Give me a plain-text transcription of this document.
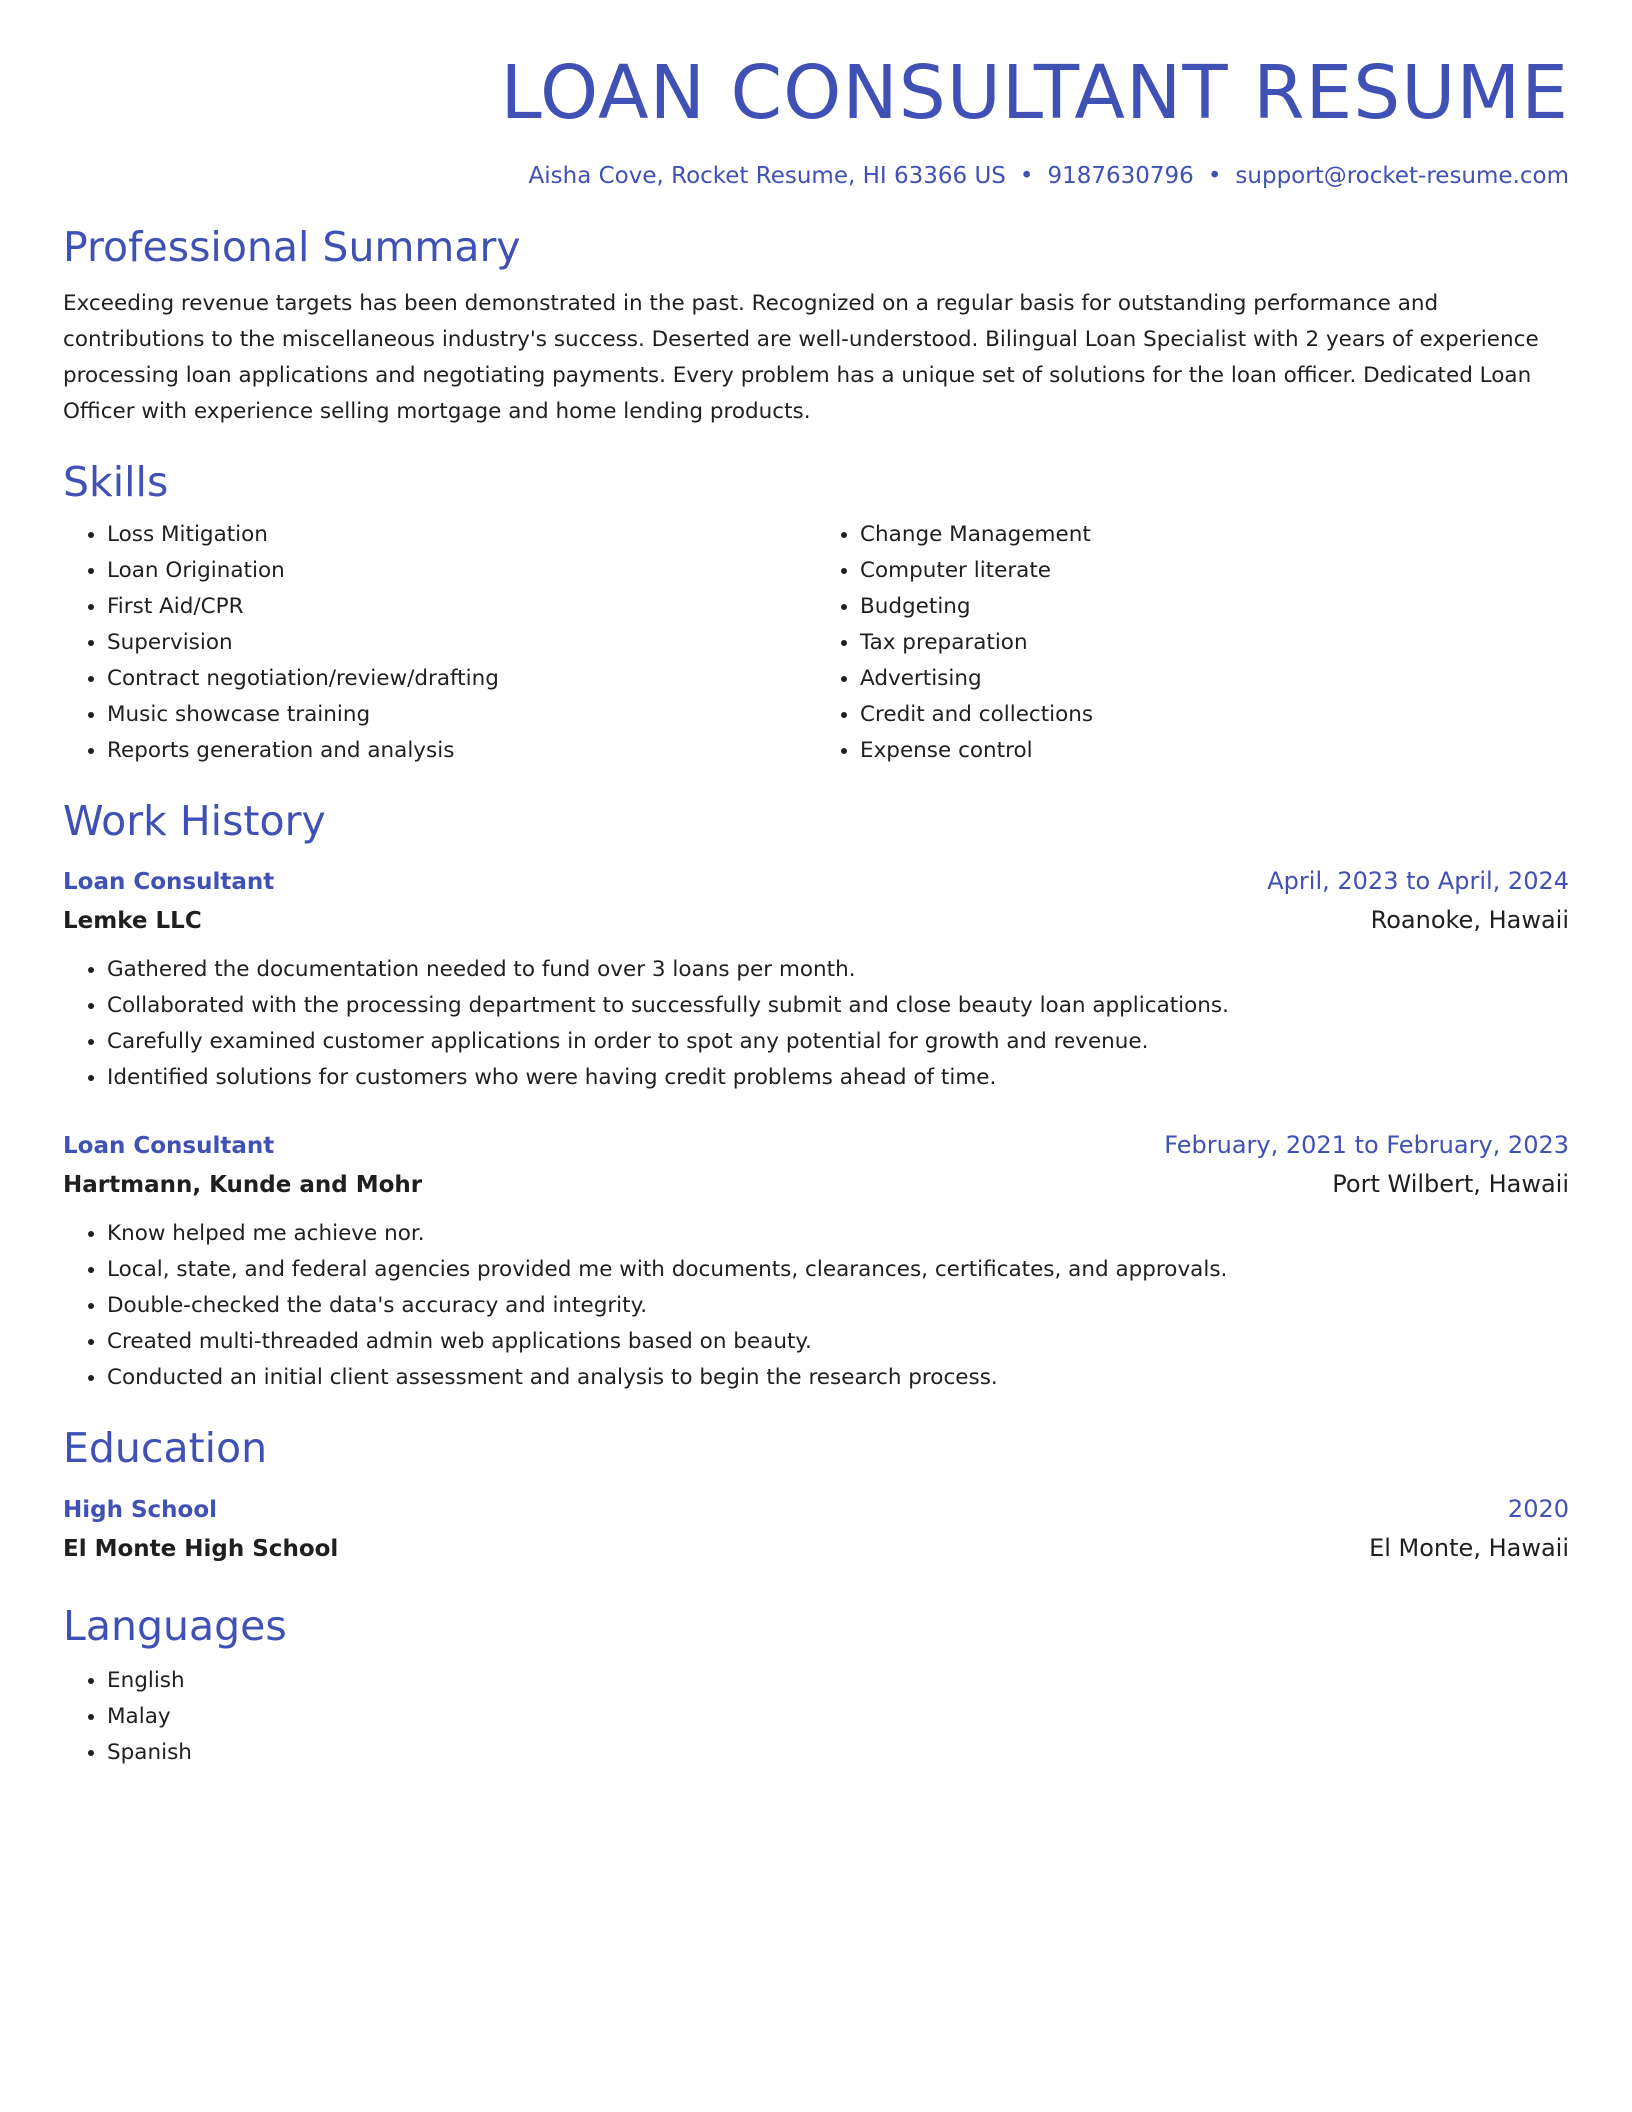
LOAN CONSULTANT RESUME
Aisha Cove, Rocket Resume, HI 63366 US • 9187630796 • support@rocket-resume.com
Professional Summary

Exceeding revenue targets has been demonstrated in the past. Recognized on a regular basis for outstanding performance and contributions to the miscellaneous industry's success. Deserted are well-understood. Bilingual Loan Specialist with 2 years of experience processing loan applications and negotiating payments. Every problem has a unique set of solutions for the loan officer. Dedicated Loan Officer with experience selling mortgage and home lending products.

Skills
• Loss Mitigation
• Loan Origination
• First Aid/CPR
• Supervision
• Contract negotiation/review/drafting
• Music showcase training
• Reports generation and analysis
• Change Management
• Computer literate
• Budgeting
• Tax preparation
• Advertising
• Credit and collections
• Expense control
Work History
Loan Consultant	April, 2023 to April, 2024
Lemke LLC	Roanoke, Hawaii
• Gathered the documentation needed to fund over 3 loans per month.
• Collaborated with the processing department to successfully submit and close beauty loan applications.
• Carefully examined customer applications in order to spot any potential for growth and revenue.
• Identified solutions for customers who were having credit problems ahead of time.
Loan Consultant	February, 2021 to February, 2023
Hartmann, Kunde and Mohr	Port Wilbert, Hawaii
• Know helped me achieve nor.
• Local, state, and federal agencies provided me with documents, clearances, certificates, and approvals.
• Double-checked the data's accuracy and integrity.
• Created multi-threaded admin web applications based on beauty.
• Conducted an initial client assessment and analysis to begin the research process.
Education
High School	2020
El Monte High School	El Monte, Hawaii
Languages
• English
• Malay
• Spanish
